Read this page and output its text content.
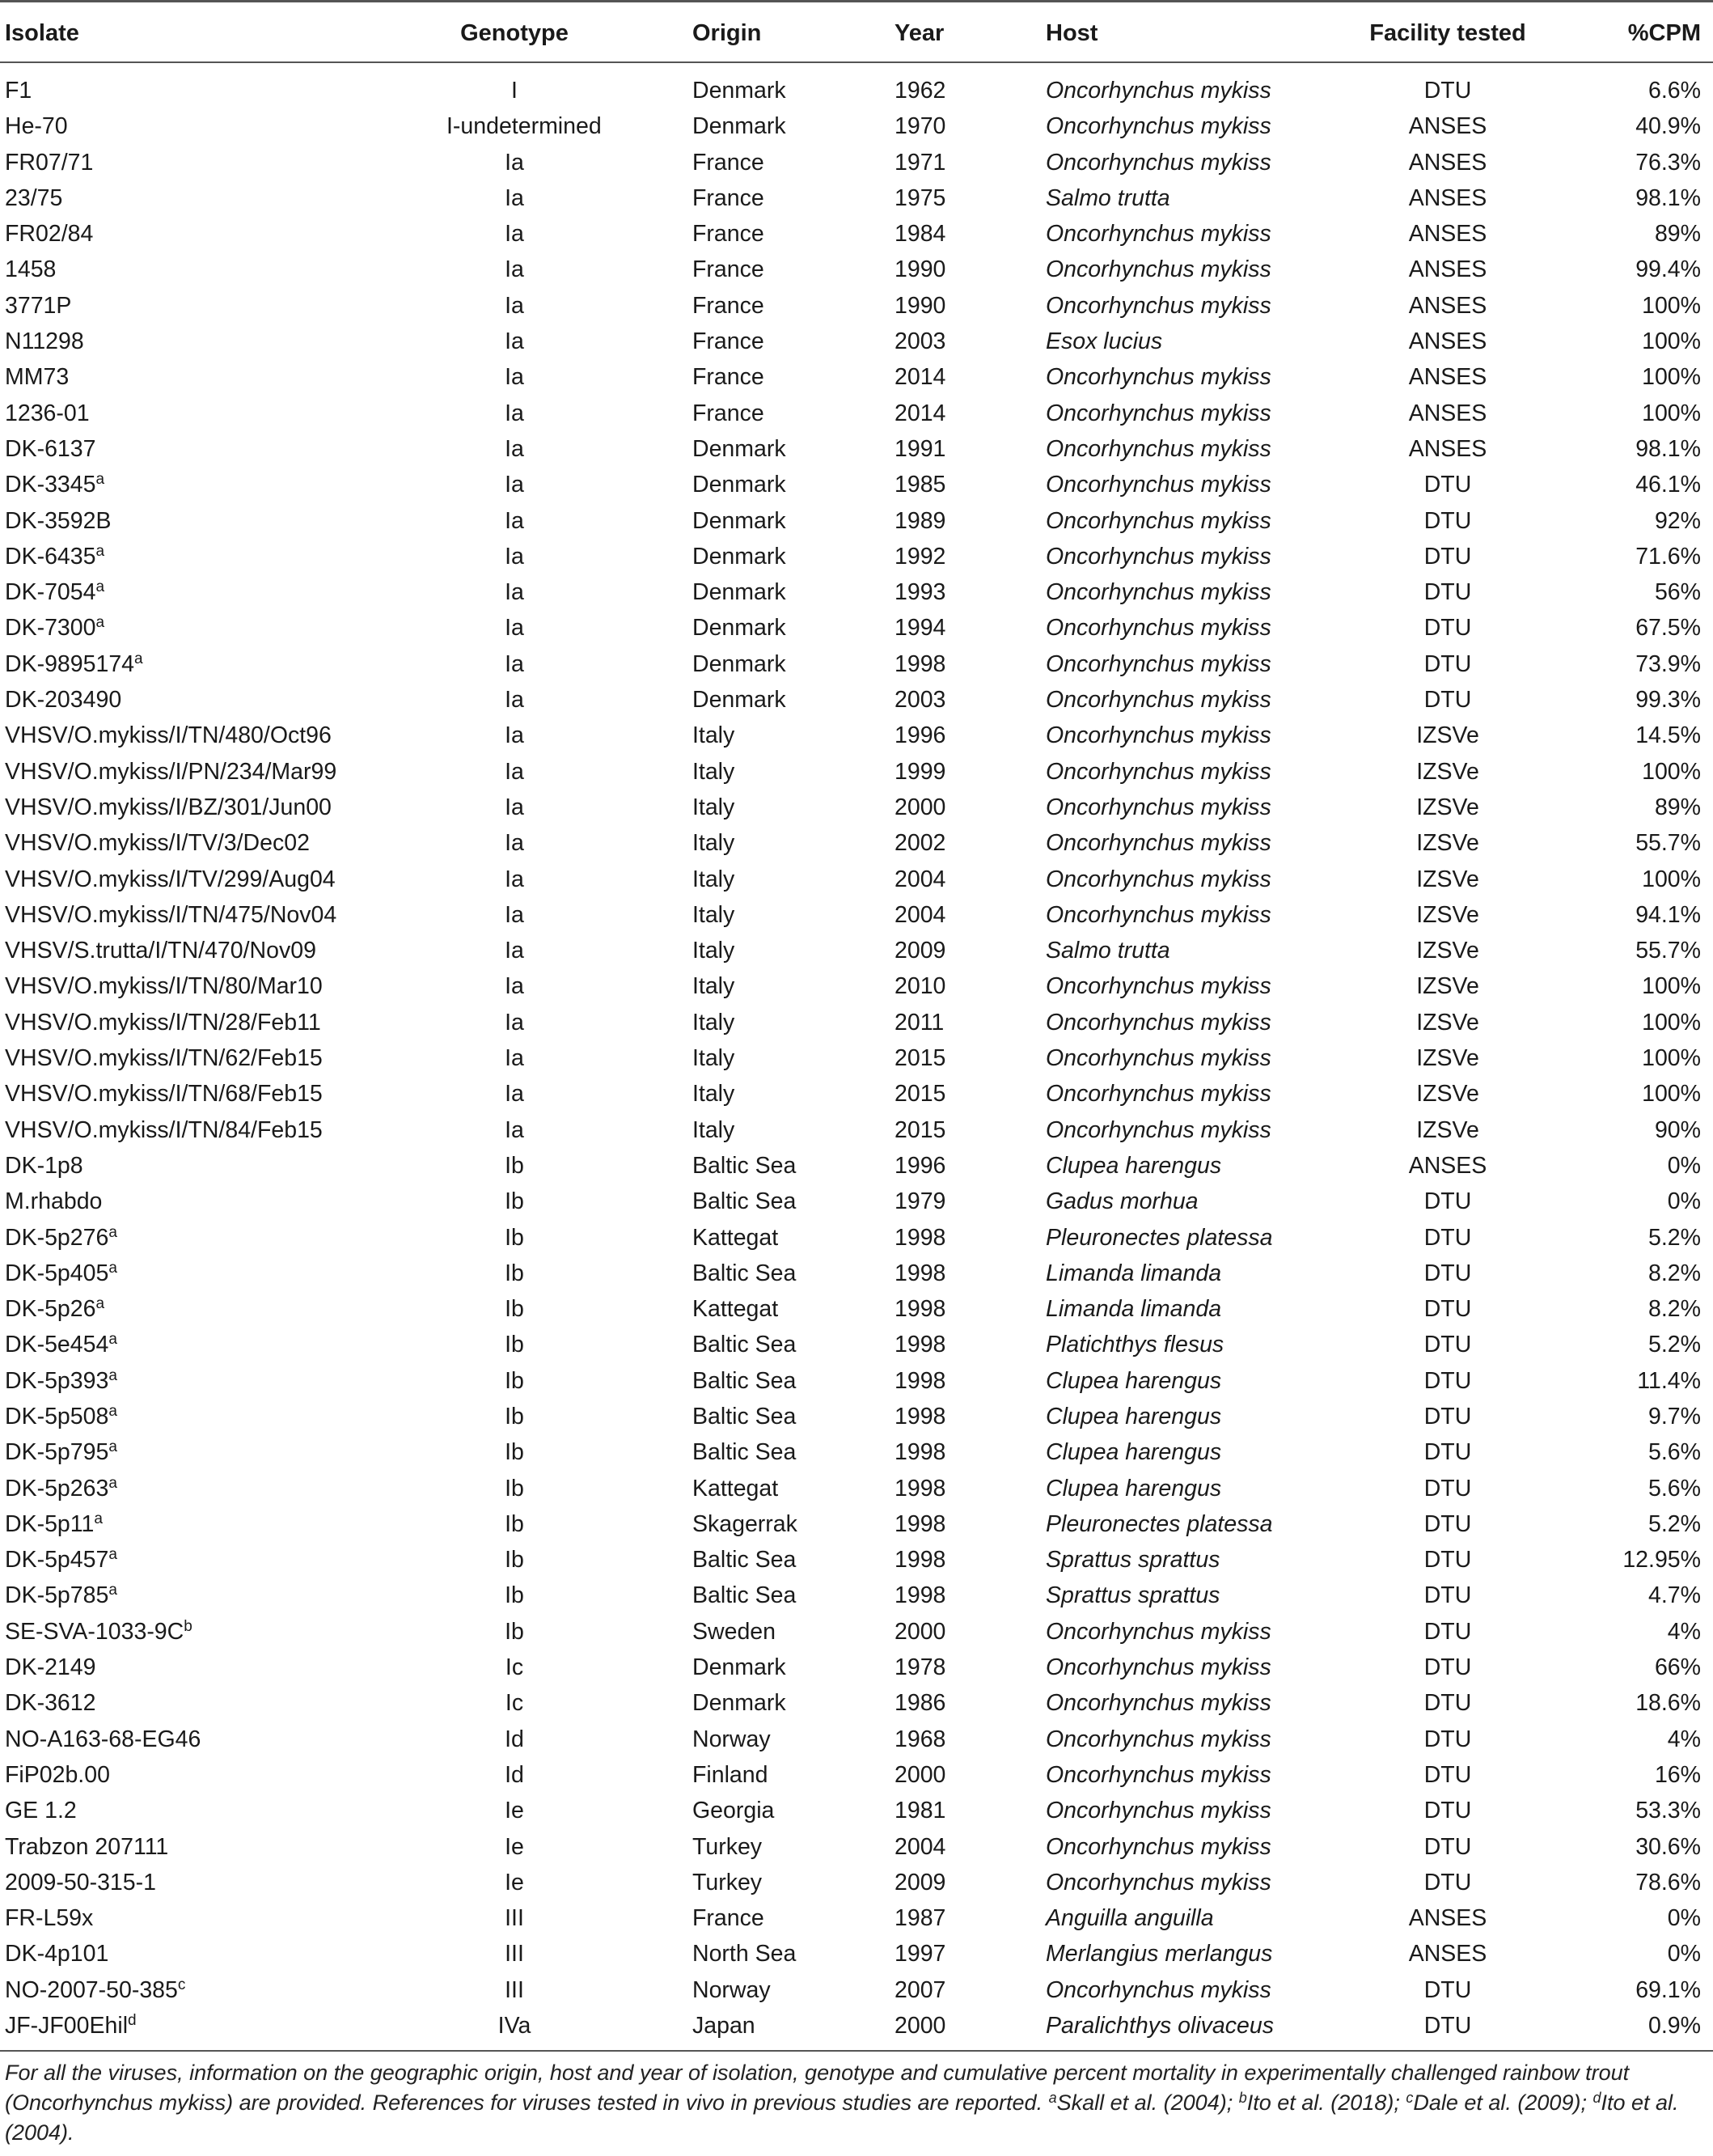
Isolate	Genotype	Origin	Year	Host	Facility tested	%CPM
F1	I	Denmark	1962	Oncorhynchus mykiss	DTU	6.6%
He-70	I-undetermined	Denmark	1970	Oncorhynchus mykiss	ANSES	40.9%
FR07/71	Ia	France	1971	Oncorhynchus mykiss	ANSES	76.3%
23/75	Ia	France	1975	Salmo trutta	ANSES	98.1%
FR02/84	Ia	France	1984	Oncorhynchus mykiss	ANSES	89%
1458	Ia	France	1990	Oncorhynchus mykiss	ANSES	99.4%
3771P	Ia	France	1990	Oncorhynchus mykiss	ANSES	100%
N11298	Ia	France	2003	Esox lucius	ANSES	100%
MM73	Ia	France	2014	Oncorhynchus mykiss	ANSES	100%
1236-01	Ia	France	2014	Oncorhynchus mykiss	ANSES	100%
DK-6137	Ia	Denmark	1991	Oncorhynchus mykiss	ANSES	98.1%
DK-3345$^a$	Ia	Denmark	1985	Oncorhynchus mykiss	DTU	46.1%
DK-3592B	Ia	Denmark	1989	Oncorhynchus mykiss	DTU	92%
DK-6435$^a$	Ia	Denmark	1992	Oncorhynchus mykiss	DTU	71.6%
DK-7054$^a$	Ia	Denmark	1993	Oncorhynchus mykiss	DTU	56%
DK-7300$^a$	Ia	Denmark	1994	Oncorhynchus mykiss	DTU	67.5%
DK-9895174$^a$	Ia	Denmark	1998	Oncorhynchus mykiss	DTU	73.9%
DK-203490	Ia	Denmark	2003	Oncorhynchus mykiss	DTU	99.3%
VHSV/O.mykiss/I/TN/480/Oct96	Ia	Italy	1996	Oncorhynchus mykiss	IZSVe	14.5%
VHSV/O.mykiss/I/PN/234/Mar99	Ia	Italy	1999	Oncorhynchus mykiss	IZSVe	100%
VHSV/O.mykiss/I/BZ/301/Jun00	Ia	Italy	2000	Oncorhynchus mykiss	IZSVe	89%
VHSV/O.mykiss/I/TV/3/Dec02	Ia	Italy	2002	Oncorhynchus mykiss	IZSVe	55.7%
VHSV/O.mykiss/I/TV/299/Aug04	Ia	Italy	2004	Oncorhynchus mykiss	IZSVe	100%
VHSV/O.mykiss/I/TN/475/Nov04	Ia	Italy	2004	Oncorhynchus mykiss	IZSVe	94.1%
VHSV/S.trutta/I/TN/470/Nov09	Ia	Italy	2009	Salmo trutta	IZSVe	55.7%
VHSV/O.mykiss/I/TN/80/Mar10	Ia	Italy	2010	Oncorhynchus mykiss	IZSVe	100%
VHSV/O.mykiss/I/TN/28/Feb11	Ia	Italy	2011	Oncorhynchus mykiss	IZSVe	100%
VHSV/O.mykiss/I/TN/62/Feb15	Ia	Italy	2015	Oncorhynchus mykiss	IZSVe	100%
VHSV/O.mykiss/I/TN/68/Feb15	Ia	Italy	2015	Oncorhynchus mykiss	IZSVe	100%
VHSV/O.mykiss/I/TN/84/Feb15	Ia	Italy	2015	Oncorhynchus mykiss	IZSVe	90%
DK-1p8	Ib	Baltic Sea	1996	Clupea harengus	ANSES	0%
M.rhabdo	Ib	Baltic Sea	1979	Gadus morhua	DTU	0%
DK-5p276$^a$	Ib	Kattegat	1998	Pleuronectes platessa	DTU	5.2%
DK-5p405$^a$	Ib	Baltic Sea	1998	Limanda limanda	DTU	8.2%
DK-5p26$^a$	Ib	Kattegat	1998	Limanda limanda	DTU	8.2%
DK-5e454$^a$	Ib	Baltic Sea	1998	Platichthys flesus	DTU	5.2%
DK-5p393$^a$	Ib	Baltic Sea	1998	Clupea harengus	DTU	11.4%
DK-5p508$^a$	Ib	Baltic Sea	1998	Clupea harengus	DTU	9.7%
DK-5p795$^a$	Ib	Baltic Sea	1998	Clupea harengus	DTU	5.6%
DK-5p263$^a$	Ib	Kattegat	1998	Clupea harengus	DTU	5.6%
DK-5p11$^a$	Ib	Skagerrak	1998	Pleuronectes platessa	DTU	5.2%
DK-5p457$^a$	Ib	Baltic Sea	1998	Sprattus sprattus	DTU	12.95%
DK-5p785$^a$	Ib	Baltic Sea	1998	Sprattus sprattus	DTU	4.7%
$SE-SVA-1033-9C^b$	Ib	Sweden	2000	Oncorhynchus mykiss	DTU	4%
DK-2149	Ic	Denmark	1978	Oncorhynchus mykiss	DTU	66%
DK-3612	Ic	Denmark	1986	Oncorhynchus mykiss	DTU	18.6%
NO-A163-68-EG46	Id	Norway	1968	Oncorhynchus mykiss	DTU	4%
FiP02b.00	Id	Finland	2000	Oncorhynchus mykiss	DTU	16%
GE 1.2	Ie	Georgia	1981	Oncorhynchus mykiss	DTU	53.3%
Trabzon 207111	Ie	Turkey	2004	Oncorhynchus mykiss	DTU	30.6%
2009-50-315-1	Ie	Turkey	2009	Oncorhynchus mykiss	DTU	78.6%
FR-L59x	III	France	1987	Anguilla anguilla	ANSES	0%
DK-4p101	III	North Sea	1997	Merlangius merlangus	ANSES	0%
NO-2007-50-385$^c$	III	Norway	2007	Oncorhynchus mykiss	DTU	69.1%
JF-JF00Ehil$^d$	IVa	Japan	2000	Paralichthys olivaceus	DTU	0.9%
For all the viruses, information on the geographic origin, host and year of isolation, genotype and cumulative percent mortality in experimentally challenged rainbow trout (Oncorhynchus mykiss) are provided. References for viruses tested in vivo in previous studies are reported. $^a$Skall et al. (2004); $^b$Ito et al. (2018); $^c$Dale et al. (2009); $^d$Ito et al. (2004).
